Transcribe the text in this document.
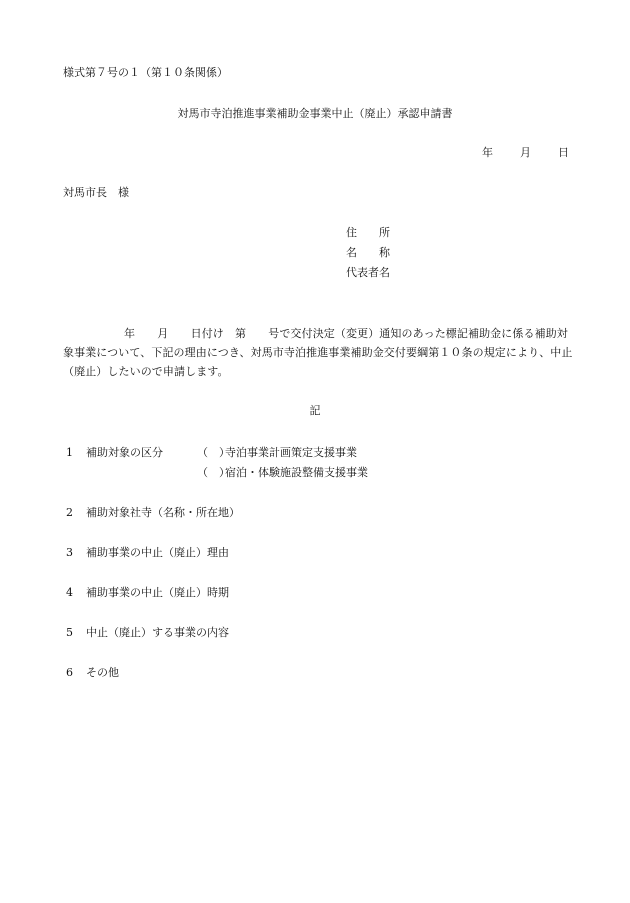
様式第７号の１（第１０条関係）
対馬市寺泊推進事業補助金事業中止（廃止）承認申請書
年 月 日
対馬市長　様
住　　所
名　　称
代表者名
年　　月　　日付け　第　　号で交付決定（変更）通知のあった標記補助金に係る補助対象事業について、下記の理由につき、対馬市寺泊推進事業補助金交付要綱第１０条の規定により、中止（廃止）したいので申請します。
記
1 補助対象の区分	（　）寺泊事業計画策定支援事業
（　）宿泊・体験施設整備支援事業
2 補助対象社寺（名称・所在地）
3 補助事業の中止（廃止）理由
4 補助事業の中止（廃止）時期
5 中止（廃止）する事業の内容
6 その他
